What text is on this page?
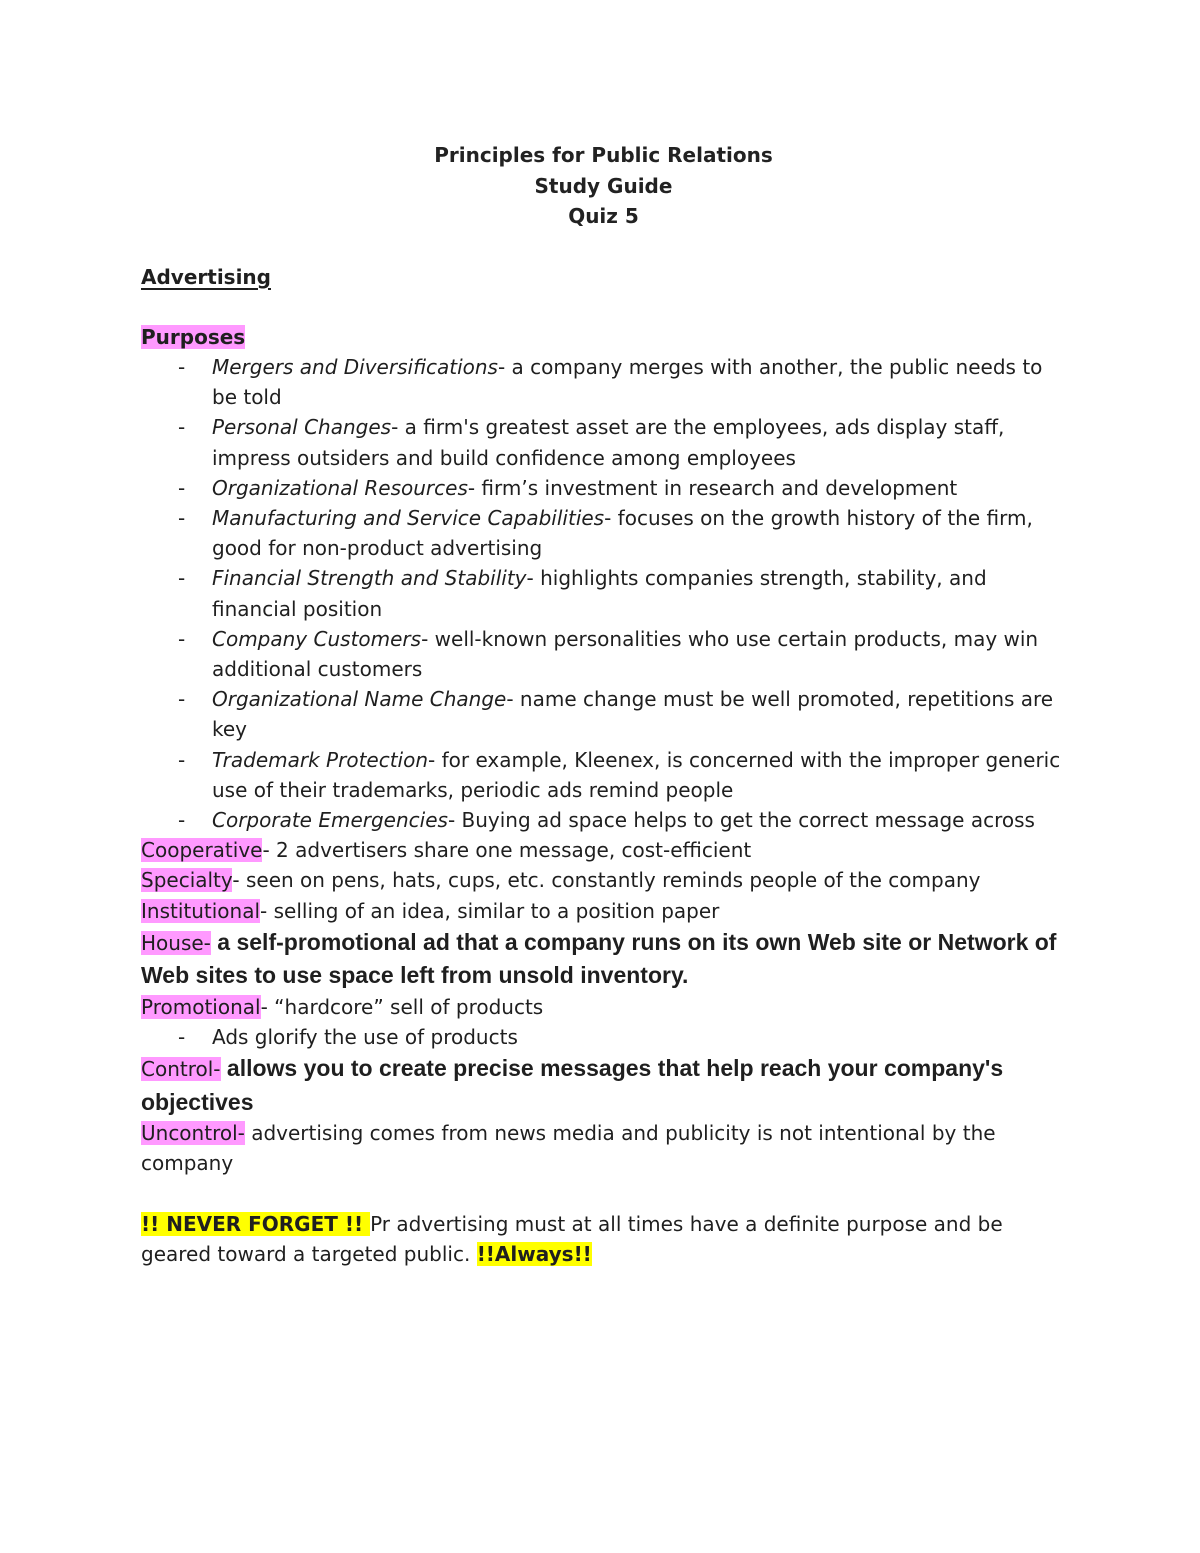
Principles for Public Relations
Study Guide
Quiz 5
Advertising
Purposes
- Mergers and Diversifications- a company merges with another, the public needs to be told
- Personal Changes- a firm's greatest asset are the employees, ads display staff, impress outsiders and build confidence among employees
- Organizational Resources- firm’s investment in research and development
- Manufacturing and Service Capabilities- focuses on the growth history of the firm, good for non-product advertising
- Financial Strength and Stability- highlights companies strength, stability, and financial position
- Company Customers- well-known personalities who use certain products, may win additional customers
- Organizational Name Change- name change must be well promoted, repetitions are key
- Trademark Protection- for example, Kleenex, is concerned with the improper generic use of their trademarks, periodic ads remind people
- Corporate Emergencies- Buying ad space helps to get the correct message across
Cooperative- 2 advertisers share one message, cost-efficient
Specialty- seen on pens, hats, cups, etc. constantly reminds people of the company
Institutional- selling of an idea, similar to a position paper
House- a self-promotional ad that a company runs on its own Web site or Network of Web sites to use space left from unsold inventory.
Promotional- “hardcore” sell of products
- Ads glorify the use of products
Control- allows you to create precise messages that help reach your company's objectives
Uncontrol- advertising comes from news media and publicity is not intentional by the company
!! NEVER FORGET !! Pr advertising must at all times have a definite purpose and be geared toward a targeted public. !!Always!!
